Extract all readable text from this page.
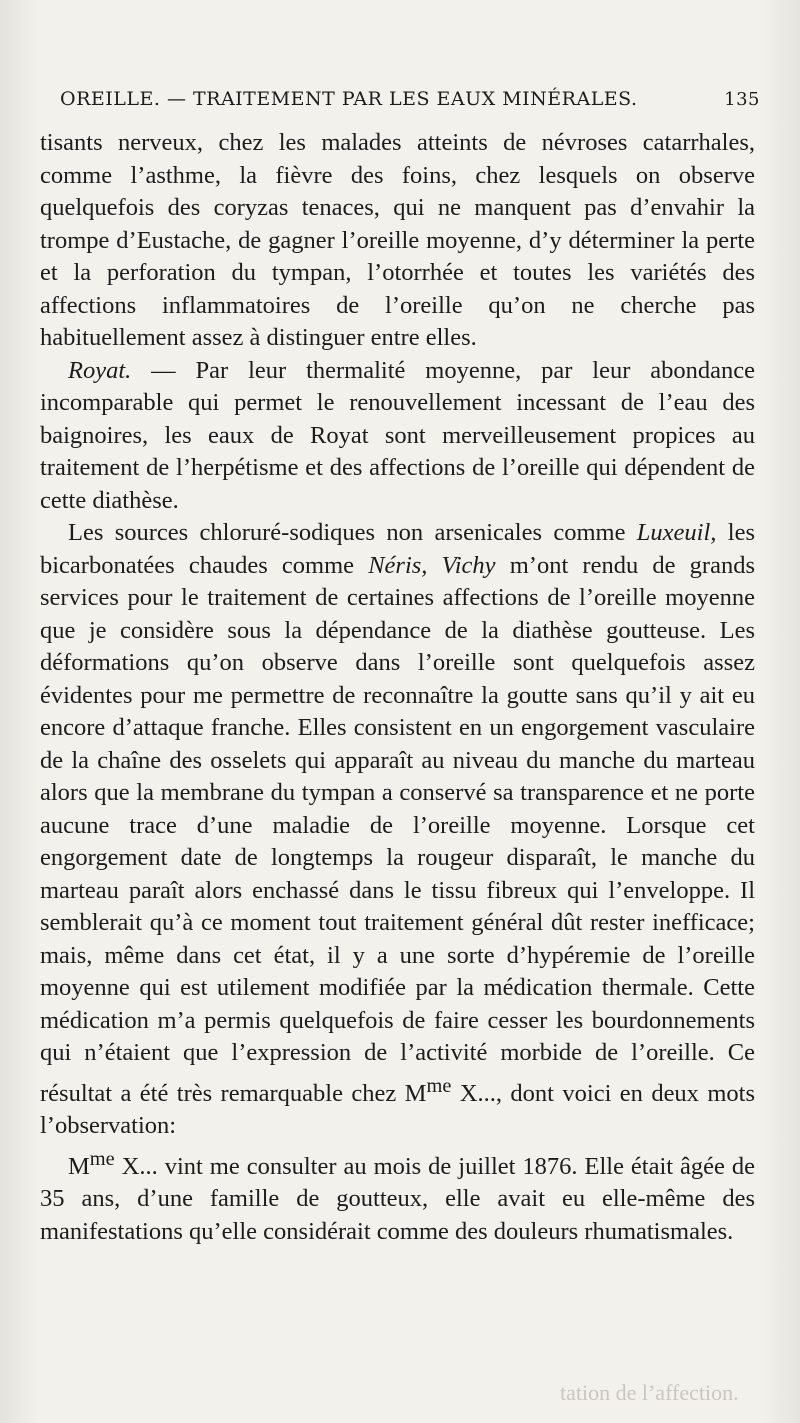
OREILLE. — TRAITEMENT PAR LES EAUX MINÉRALES.	135

tisants nerveux, chez les malades atteints de névroses catarrhales, comme l’asthme, la fièvre des foins, chez lesquels on observe quelquefois des coryzas tenaces, qui ne manquent pas d’envahir la trompe d’Eustache, de gagner l’oreille moyenne, d’y déterminer la perte et la perforation du tympan, l’otorrhée et toutes les variétés des affections inflammatoires de l’oreille qu’on ne cherche pas habituellement assez à distinguer entre elles.

Royat. — Par leur thermalité moyenne, par leur abondance incomparable qui permet le renouvellement incessant de l’eau des baignoires, les eaux de Royat sont merveilleusement propices au traitement de l’herpétisme et des affections de l’oreille qui dépendent de cette diathèse.

Les sources chloruré-sodiques non arsenicales comme Luxeuil, les bicarbonatées chaudes comme Néris, Vichy m’ont rendu de grands services pour le traitement de certaines affections de l’oreille moyenne que je considère sous la dépendance de la diathèse goutteuse. Les déformations qu’on observe dans l’oreille sont quelquefois assez évidentes pour me permettre de reconnaître la goutte sans qu’il y ait eu encore d’attaque franche. Elles consistent en un engorgement vasculaire de la chaîne des osselets qui apparaît au niveau du manche du marteau alors que la membrane du tympan a conservé sa transparence et ne porte aucune trace d’une maladie de l’oreille moyenne. Lorsque cet engorgement date de longtemps la rougeur disparaît, le manche du marteau paraît alors enchassé dans le tissu fibreux qui l’enveloppe. Il semblerait qu’à ce moment tout traitement général dût rester inefficace; mais, même dans cet état, il y a une sorte d’hypéremie de l’oreille moyenne qui est utilement modifiée par la médication thermale. Cette médication m’a permis quelquefois de faire cesser les bourdonnements qui n’étaient que l’expression de l’activité morbide de l’oreille. Ce résultat a été très remarquable chez $M^{me}$ X..., dont voici en deux mots l’observation:

$M^{me}$ X... vint me consulter au mois de juillet 1876. Elle était âgée de 35 ans, d’une famille de goutteux, elle avait eu elle-même des manifestations qu’elle considérait comme des douleurs rhumatismales.

tation de l’affection.
